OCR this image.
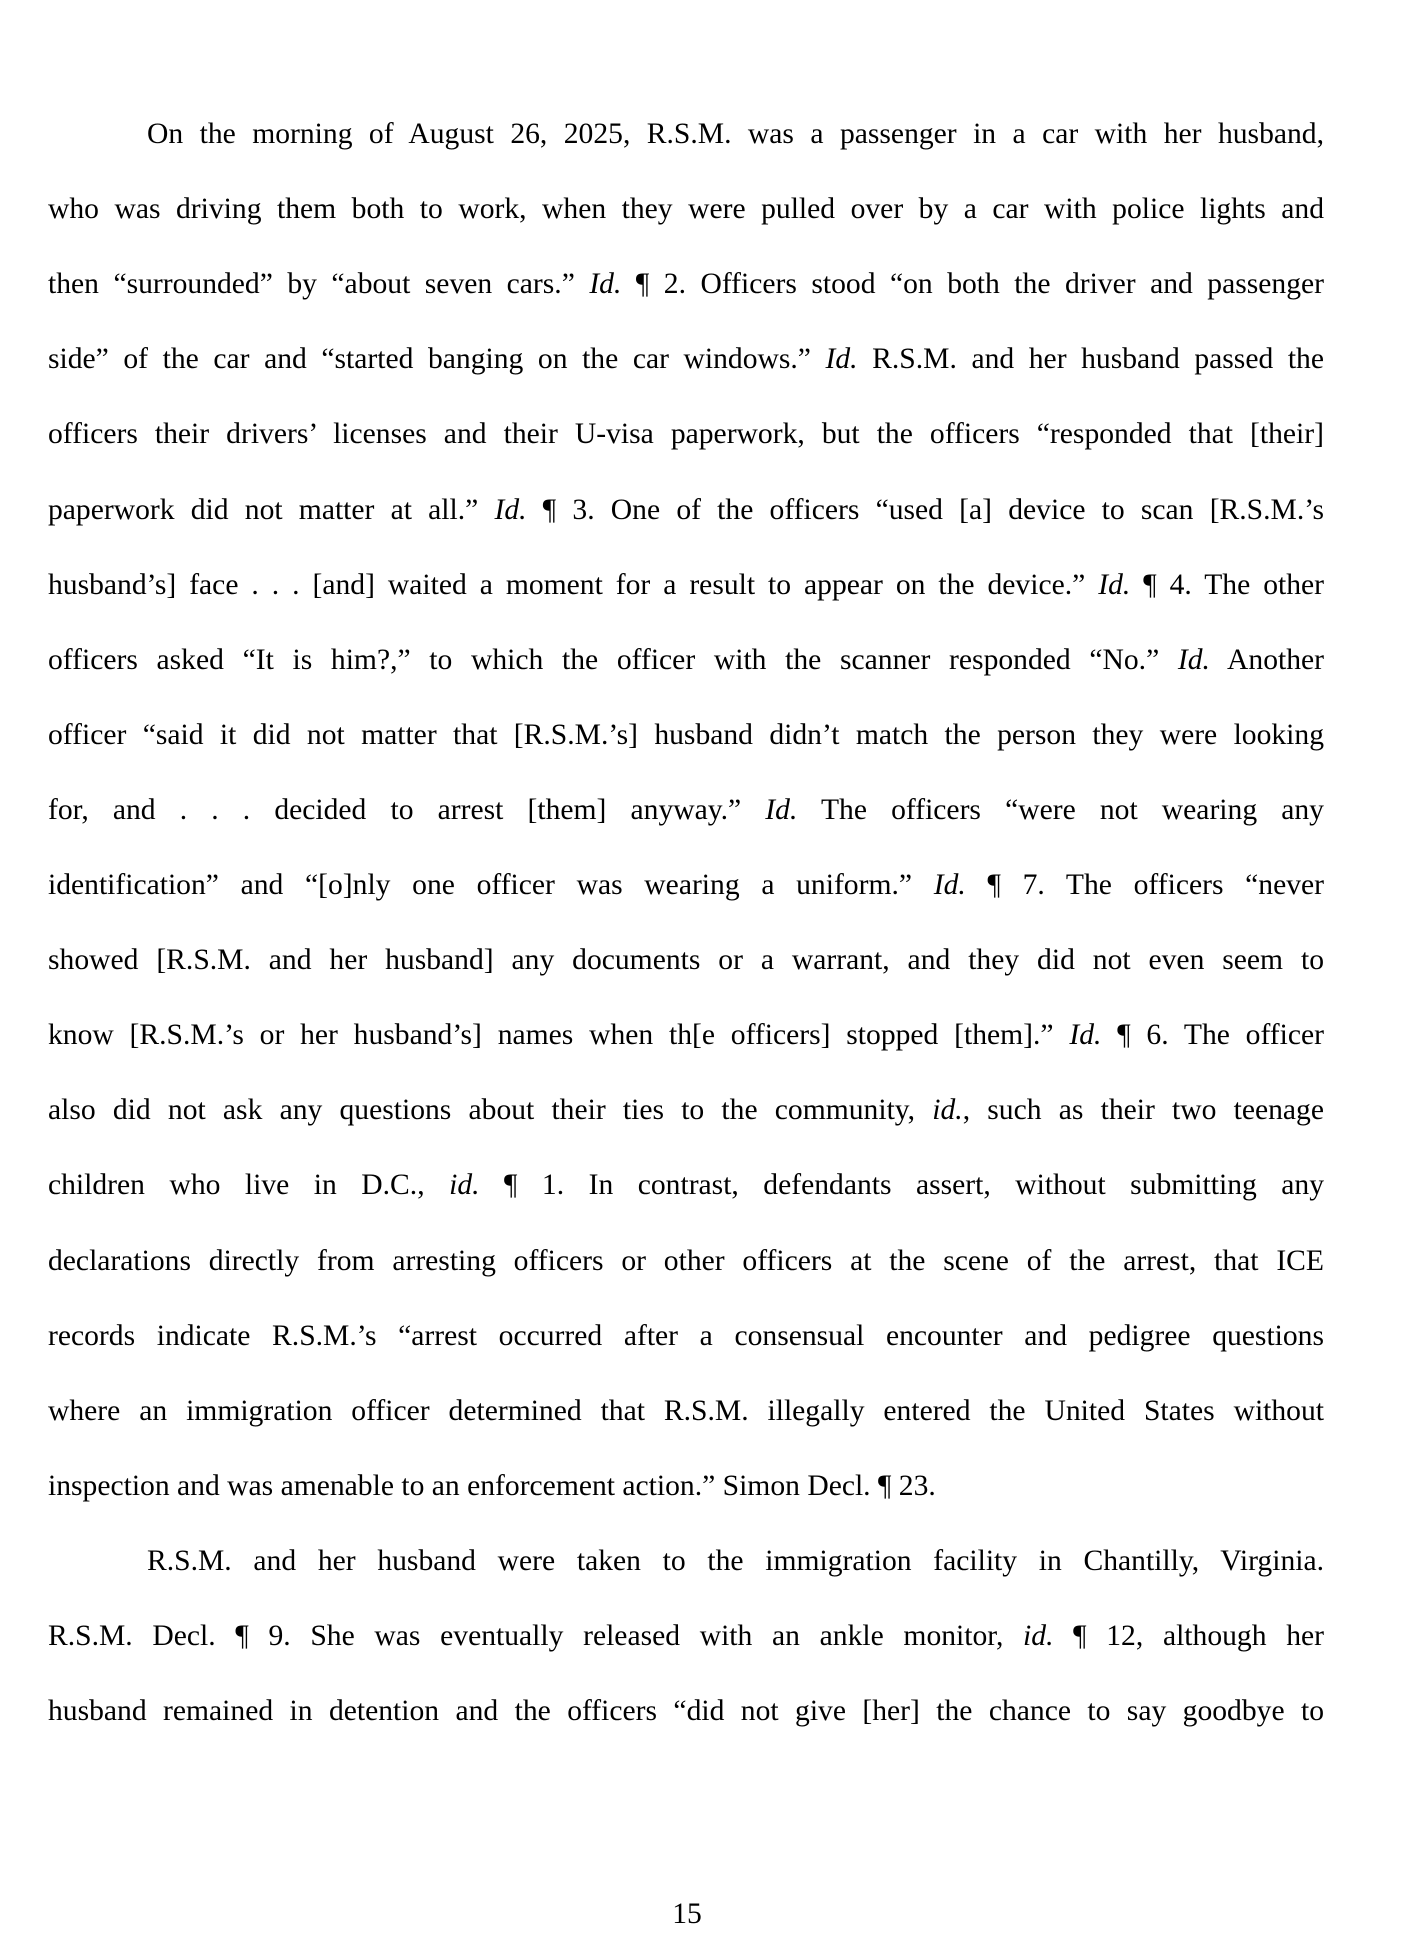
On the morning of August 26, 2025, R.S.M. was a passenger in a car with her husband,
who was driving them both to work, when they were pulled over by a car with police lights and
then “surrounded” by “about seven cars.” Id. ¶ 2. Officers stood “on both the driver and passenger
side” of the car and “started banging on the car windows.” Id. R.S.M. and her husband passed the
officers their drivers’ licenses and their U-visa paperwork, but the officers “responded that [their]
paperwork did not matter at all.” Id. ¶ 3. One of the officers “used [a] device to scan [R.S.M.’s
husband’s] face . . . [and] waited a moment for a result to appear on the device.” Id. ¶ 4. The other
officers asked “It is him?,” to which the officer with the scanner responded “No.” Id. Another
officer “said it did not matter that [R.S.M.’s] husband didn’t match the person they were looking
for, and . . . decided to arrest [them] anyway.” Id. The officers “were not wearing any
identification” and “[o]nly one officer was wearing a uniform.” Id. ¶ 7. The officers “never
showed [R.S.M. and her husband] any documents or a warrant, and they did not even seem to
know [R.S.M.’s or her husband’s] names when th[e officers] stopped [them].” Id. ¶ 6. The officer
also did not ask any questions about their ties to the community, id., such as their two teenage
children who live in D.C., id. ¶ 1. In contrast, defendants assert, without submitting any
declarations directly from arresting officers or other officers at the scene of the arrest, that ICE
records indicate R.S.M.’s “arrest occurred after a consensual encounter and pedigree questions
where an immigration officer determined that R.S.M. illegally entered the United States without
inspection and was amenable to an enforcement action.” Simon Decl. ¶ 23.
R.S.M. and her husband were taken to the immigration facility in Chantilly, Virginia.
R.S.M. Decl. ¶ 9. She was eventually released with an ankle monitor, id. ¶ 12, although her
husband remained in detention and the officers “did not give [her] the chance to say goodbye to
15
